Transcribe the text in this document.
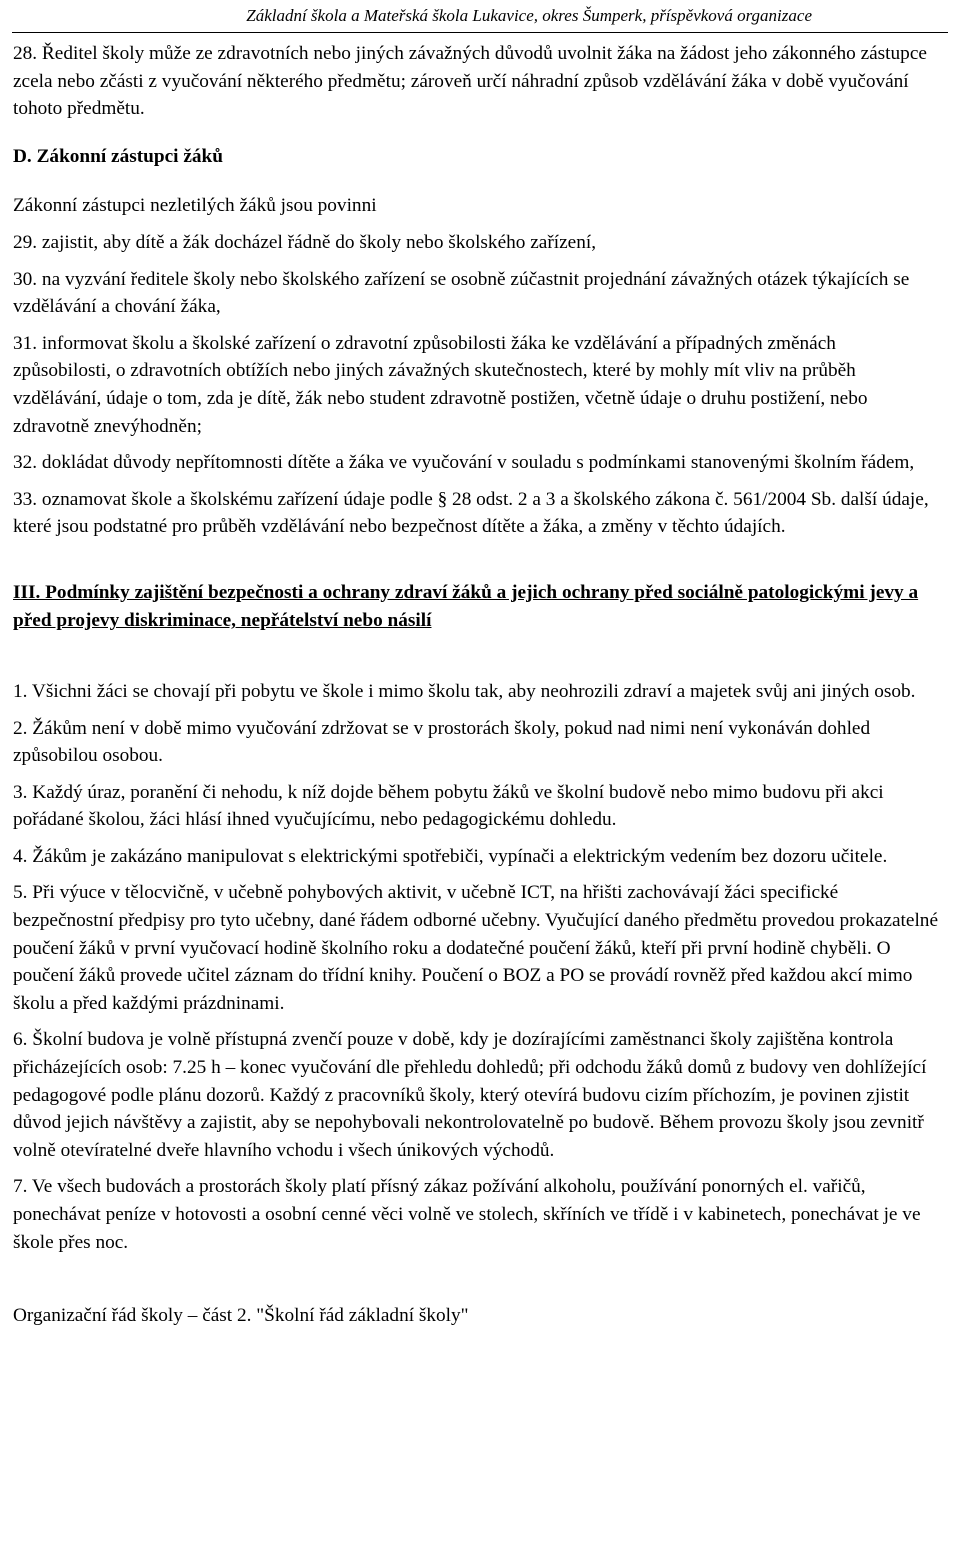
Základní škola a Mateřská škola Lukavice, okres Šumperk, příspěvková organizace

28. Ředitel školy může ze zdravotních nebo jiných závažných důvodů uvolnit žáka na žádost jeho zákonného zástupce zcela nebo zčásti z vyučování některého předmětu; zároveň určí náhradní způsob vzdělávání žáka v době vyučování tohoto předmětu.

D. Zákonní zástupci žáků

Zákonní zástupci nezletilých žáků jsou povinni

29. zajistit, aby dítě a žák docházel řádně do školy nebo školského zařízení,

30. na vyzvání ředitele školy nebo školského zařízení se osobně zúčastnit projednání závažných otázek týkajících se vzdělávání a chování žáka,

31. informovat školu a školské zařízení o zdravotní způsobilosti žáka ke vzdělávání a případných změnách způsobilosti, o zdravotních obtížích nebo jiných závažných skutečnostech, které by mohly mít vliv na průběh vzdělávání, údaje o tom, zda je dítě, žák nebo student zdravotně postižen, včetně údaje o druhu postižení, nebo zdravotně znevýhodněn;

32. dokládat důvody nepřítomnosti dítěte a žáka ve vyučování v souladu s podmínkami stanovenými školním řádem,

33. oznamovat škole a školskému zařízení údaje podle § 28 odst. 2 a 3 a školského zákona č. 561/2004 Sb. další údaje, které jsou podstatné pro průběh vzdělávání nebo bezpečnost dítěte a žáka, a změny v těchto údajích.

III. Podmínky zajištění bezpečnosti a ochrany zdraví žáků a jejich ochrany před sociálně patologickými jevy a před projevy diskriminace, nepřátelství nebo násilí

1. Všichni žáci se chovají při pobytu ve škole i mimo školu tak, aby neohrozili zdraví a majetek svůj ani jiných osob.

2. Žákům není v době mimo vyučování zdržovat se v prostorách školy, pokud nad nimi není vykonáván dohled způsobilou osobou.

3. Každý úraz, poranění či nehodu, k níž dojde během pobytu žáků ve školní budově nebo mimo budovu při akci pořádané školou, žáci hlásí ihned vyučujícímu, nebo pedagogickému dohledu.

4. Žákům je zakázáno manipulovat s elektrickými spotřebiči, vypínači a elektrickým vedením bez dozoru učitele.

5. Při výuce v tělocvičně, v učebně pohybových aktivit, v učebně ICT, na hřišti zachovávají žáci specifické bezpečnostní předpisy pro tyto učebny, dané řádem odborné učebny. Vyučující daného předmětu provedou prokazatelné poučení žáků v první vyučovací hodině školního roku a dodatečné poučení žáků, kteří při první hodině chyběli. O poučení žáků provede učitel záznam do třídní knihy. Poučení o BOZ a PO se provádí rovněž před každou akcí mimo školu a před každými prázdninami.

6. Školní budova je volně přístupná zvenčí pouze v době, kdy je dozírajícími zaměstnanci školy zajištěna kontrola přicházejících osob: 7.25 h – konec vyučování dle přehledu dohledů; při odchodu žáků domů z budovy ven dohlížející pedagogové podle plánu dozorů. Každý z pracovníků školy, který otevírá budovu cizím příchozím, je povinen zjistit důvod jejich návštěvy a zajistit, aby se nepohybovali nekontrolovatelně po budově. Během provozu školy jsou zevnitř volně otevíratelné dveře hlavního vchodu i všech únikových východů.

7. Ve všech budovách a prostorách školy platí přísný zákaz požívání alkoholu, používání ponorných el. vařičů, ponechávat peníze v hotovosti a osobní cenné věci volně ve stolech, skříních ve třídě i v kabinetech, ponechávat je ve škole přes noc.

Organizační řád školy – část 2. "Školní řád základní školy"
